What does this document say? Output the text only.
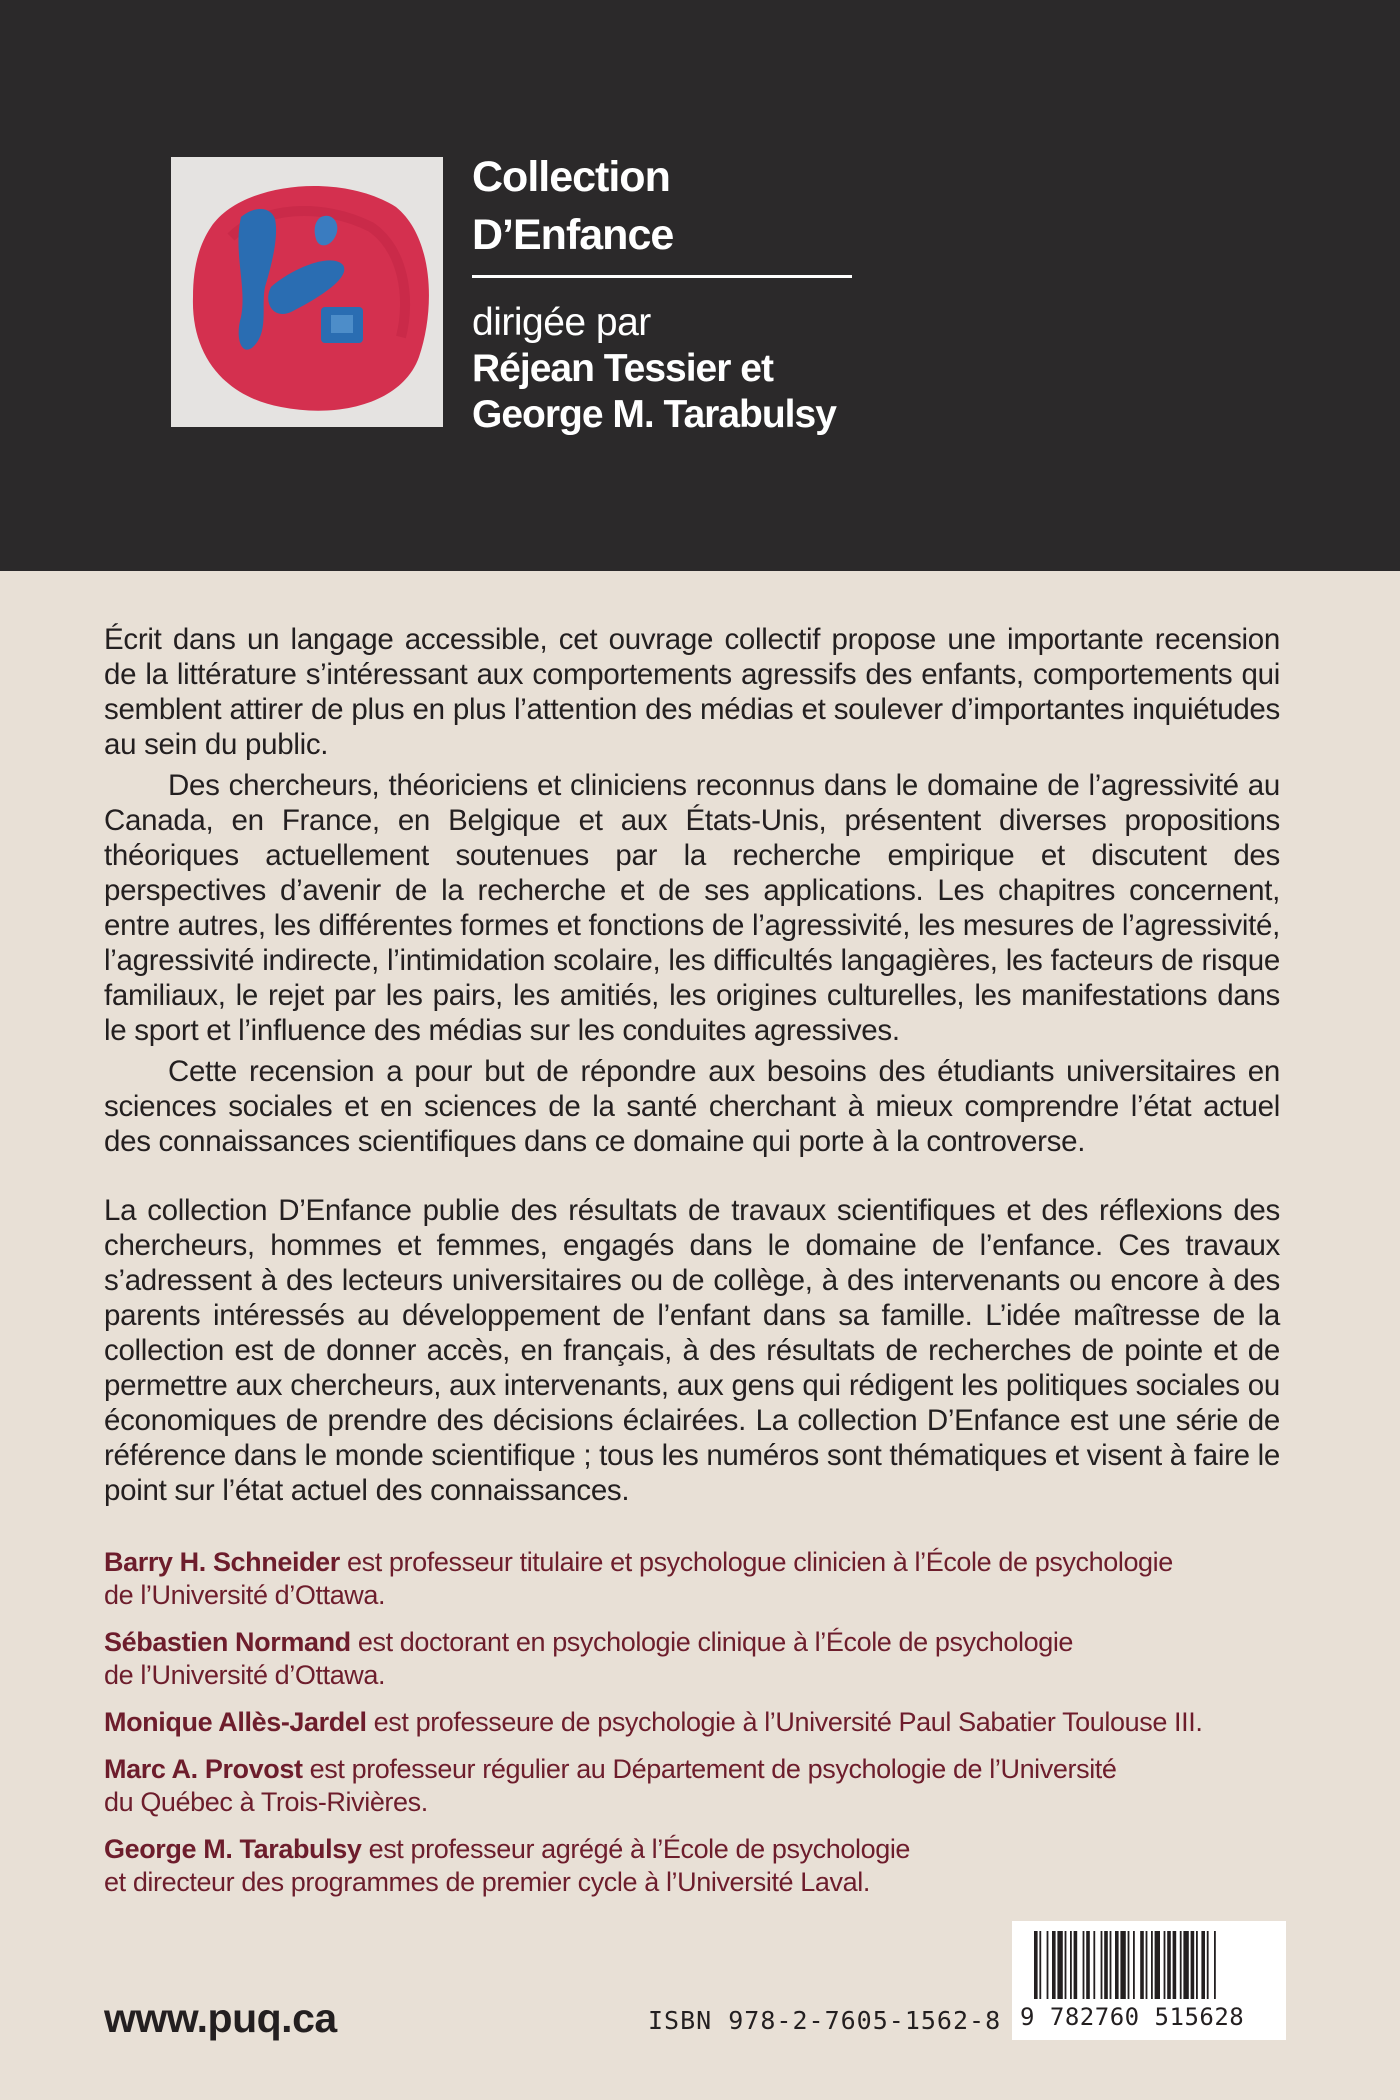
Collection
D’Enfance
dirigée par
Réjean Tessier et
George M. Tarabulsy

Écrit dans un langage accessible, cet ouvrage collectif propose une importante recension de la littérature s’intéressant aux comportements agressifs des enfants, comportements qui semblent attirer de plus en plus l’attention des médias et soulever d’importantes inquiétudes au sein du public.

Des chercheurs, théoriciens et cliniciens reconnus dans le domaine de l’agressivité au Canada, en France, en Belgique et aux États-Unis, présentent diverses propositions théoriques actuellement soutenues par la recherche empirique et discutent des perspectives d’avenir de la recherche et de ses applications. Les chapitres concernent, entre autres, les différentes formes et fonctions de l’agressivité, les mesures de l’agressivité, l’agressivité indirecte, l’intimidation scolaire, les difficultés langagières, les facteurs de risque familiaux, le rejet par les pairs, les amitiés, les origines culturelles, les manifestations dans le sport et l’influence des médias sur les conduites agressives.

Cette recension a pour but de répondre aux besoins des étudiants universitaires en sciences sociales et en sciences de la santé cherchant à mieux comprendre l’état actuel des connaissances scientifiques dans ce domaine qui porte à la controverse.

La collection D’Enfance publie des résultats de travaux scientifiques et des réflexions des chercheurs, hommes et femmes, engagés dans le domaine de l’enfance. Ces travaux s’adressent à des lecteurs universitaires ou de collège, à des intervenants ou encore à des parents intéressés au développement de l’enfant dans sa famille. L’idée maîtresse de la collection est de donner accès, en français, à des résultats de recherches de pointe et de permettre aux chercheurs, aux intervenants, aux gens qui rédigent les politiques sociales ou économiques de prendre des décisions éclairées. La collection D’Enfance est une série de référence dans le monde scientifique ; tous les numéros sont thématiques et visent à faire le point sur l’état actuel des connaissances.

Barry H. Schneider est professeur titulaire et psychologue clinicien à l’École de psychologie
de l’Université d’Ottawa.
Sébastien Normand est doctorant en psychologie clinique à l’École de psychologie
de l’Université d’Ottawa.
Monique Allès-Jardel est professeure de psychologie à l’Université Paul Sabatier Toulouse III.
Marc A. Provost est professeur régulier au Département de psychologie de l’Université
du Québec à Trois-Rivières.
George M. Tarabulsy est professeur agrégé à l’École de psychologie
et directeur des programmes de premier cycle à l’Université Laval.
www.puq.ca	ISBN 978-2-7605-1562-8 9 782760 515628
